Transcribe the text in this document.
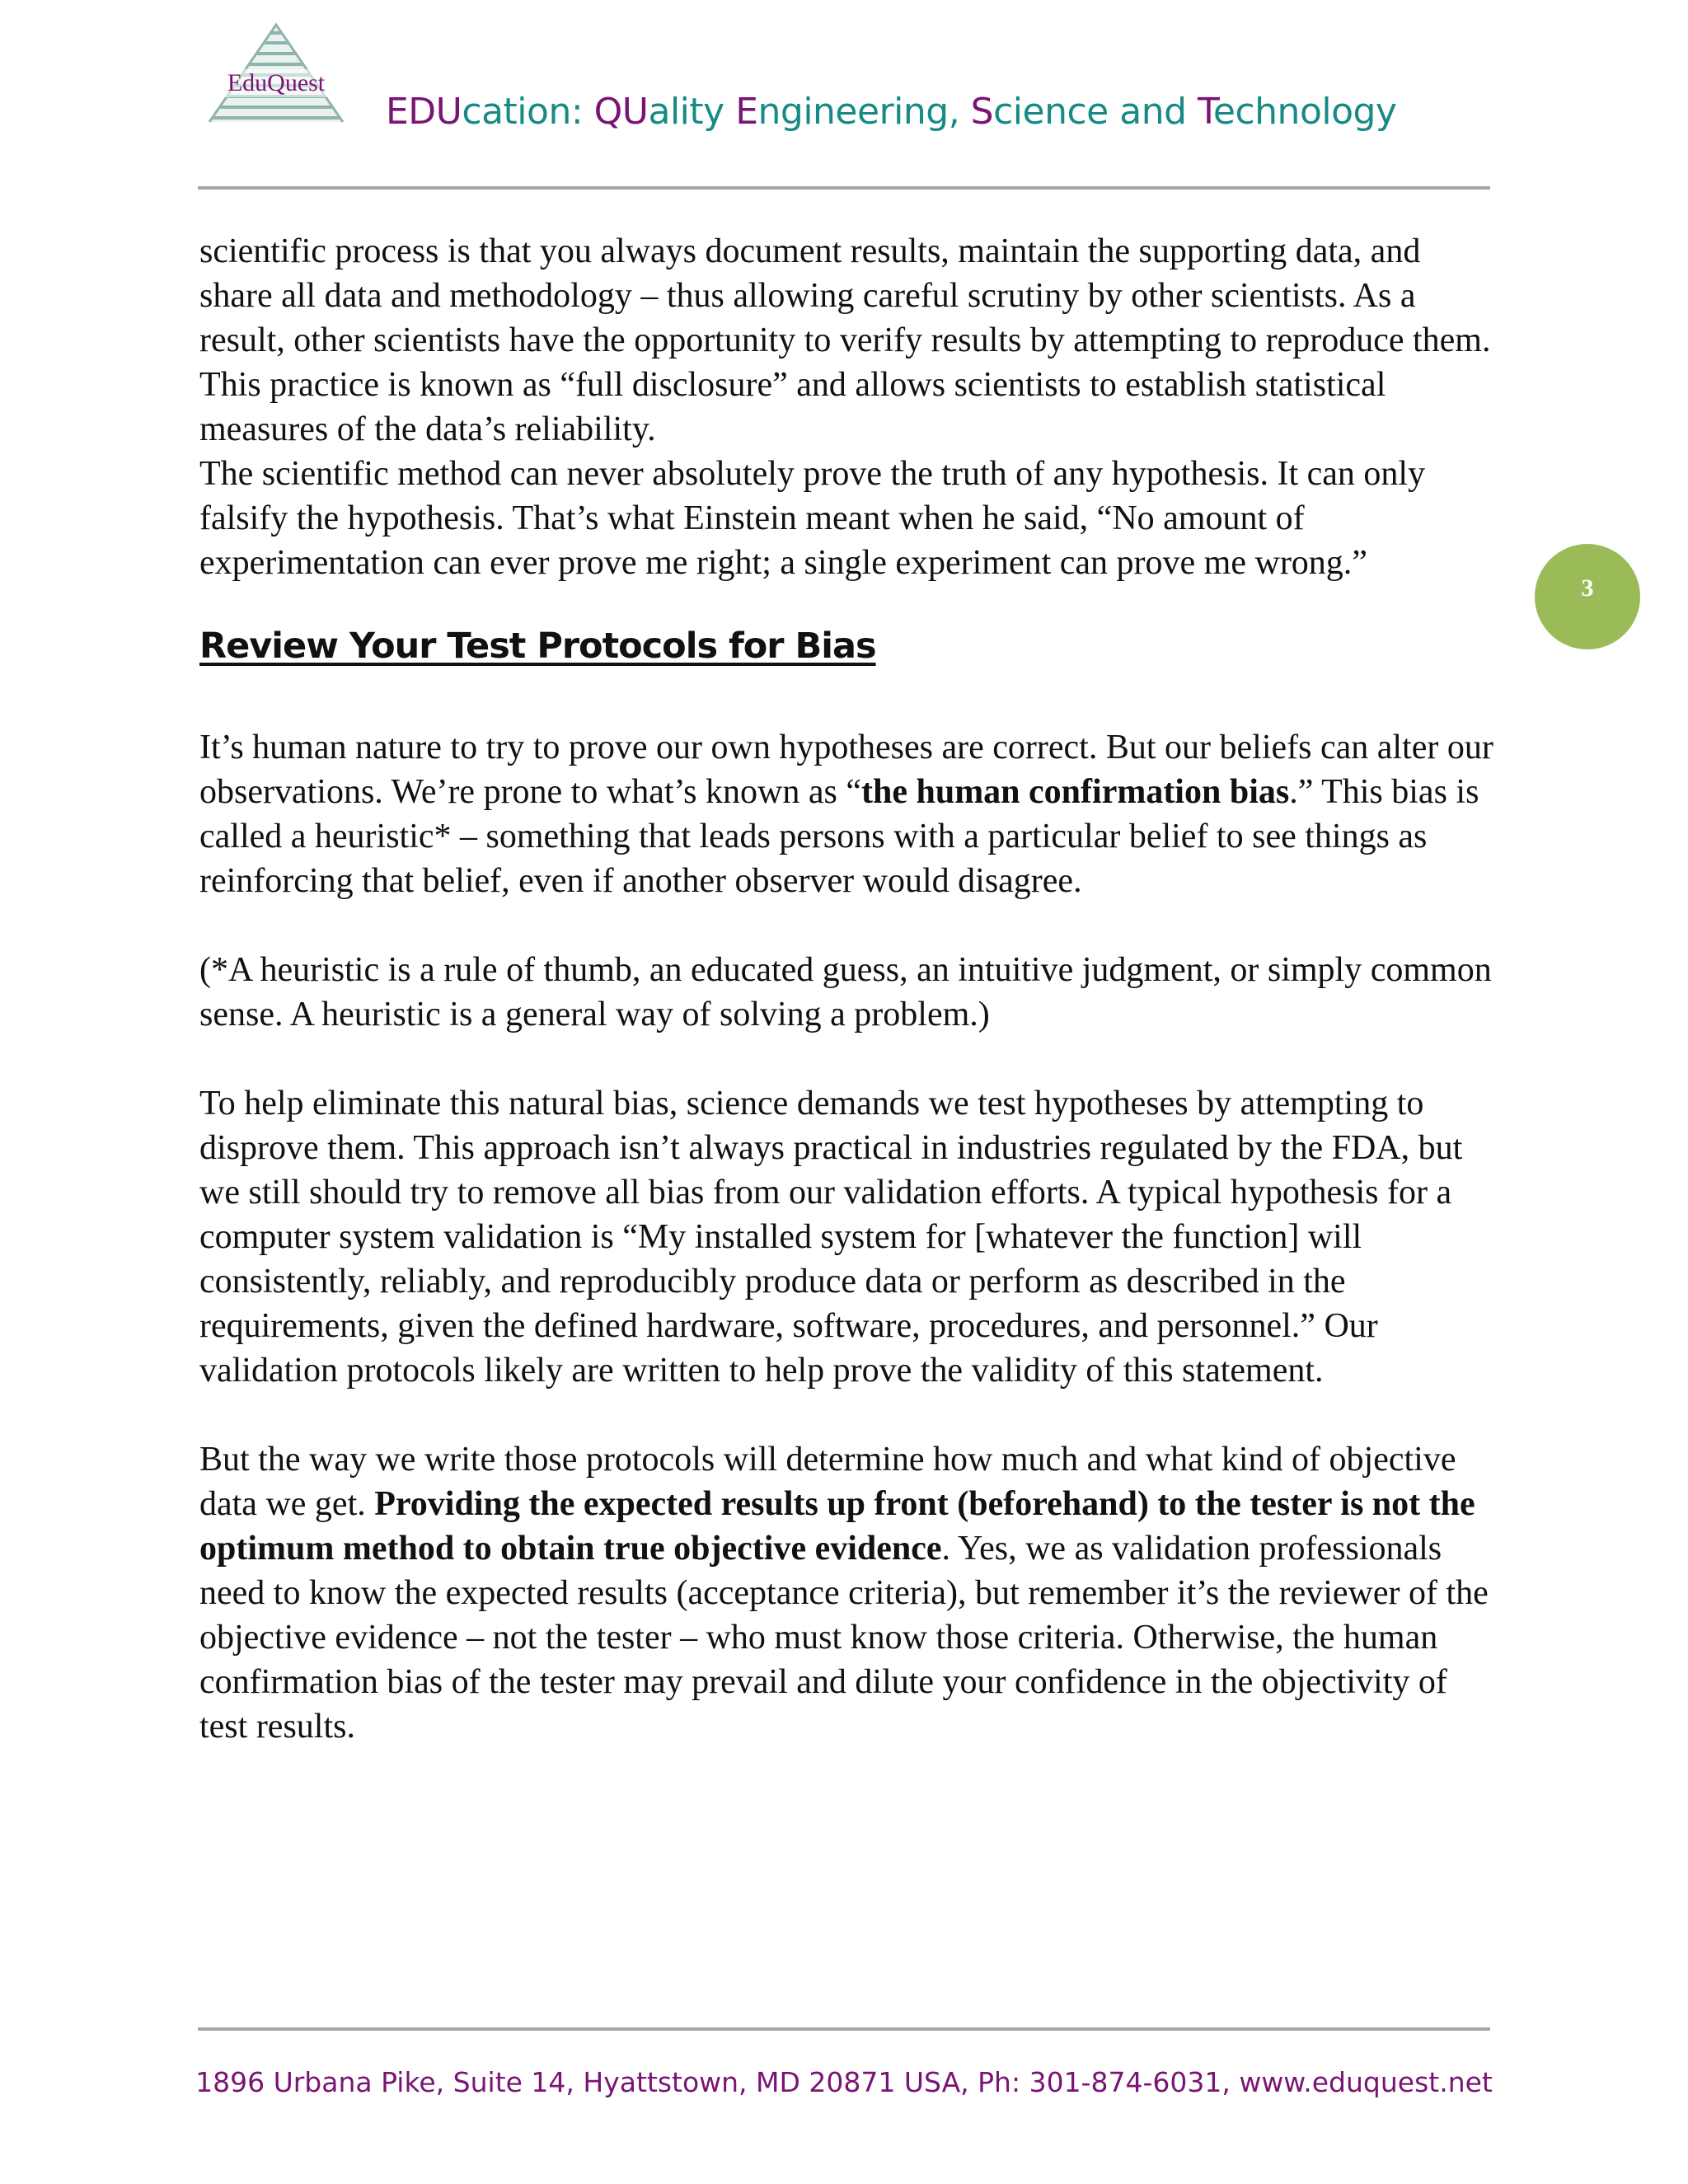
EduQuest
EDUcation: QUality Engineering, Science and Technology
3

scientific process is that you always document results, maintain the supporting data, and share all data and methodology – thus allowing careful scrutiny by other scientists. As a result, other scientists have the opportunity to verify results by attempting to reproduce them. This practice is known as “full disclosure” and allows scientists to establish statistical measures of the data’s reliability.

The scientific method can never absolutely prove the truth of any hypothesis. It can only falsify the hypothesis. That’s what Einstein meant when he said, “No amount of experimentation can ever prove me right; a single experiment can prove me wrong.”

Review Your Test Protocols for Bias

It’s human nature to try to prove our own hypotheses are correct. But our beliefs can alter our observations. We’re prone to what’s known as “the human confirmation bias.” This bias is called a heuristic* – something that leads persons with a particular belief to see things as reinforcing that belief, even if another observer would disagree.

(*A heuristic is a rule of thumb, an educated guess, an intuitive judgment, or simply common sense. A heuristic is a general way of solving a problem.)

To help eliminate this natural bias, science demands we test hypotheses by attempting to disprove them. This approach isn’t always practical in industries regulated by the FDA, but we still should try to remove all bias from our validation efforts. A typical hypothesis for a computer system validation is “My installed system for [whatever the function] will consistently, reliably, and reproducibly produce data or perform as described in the requirements, given the defined hardware, software, procedures, and personnel.” Our validation protocols likely are written to help prove the validity of this statement.

But the way we write those protocols will determine how much and what kind of objective data we get. Providing the expected results up front (beforehand) to the tester is not the optimum method to obtain true objective evidence. Yes, we as validation professionals need to know the expected results (acceptance criteria), but remember it’s the reviewer of the objective evidence – not the tester – who must know those criteria. Otherwise, the human confirmation bias of the tester may prevail and dilute your confidence in the objectivity of test results.

1896 Urbana Pike, Suite 14, Hyattstown, MD 20871 USA, Ph: 301-874-6031, www.eduquest.net
